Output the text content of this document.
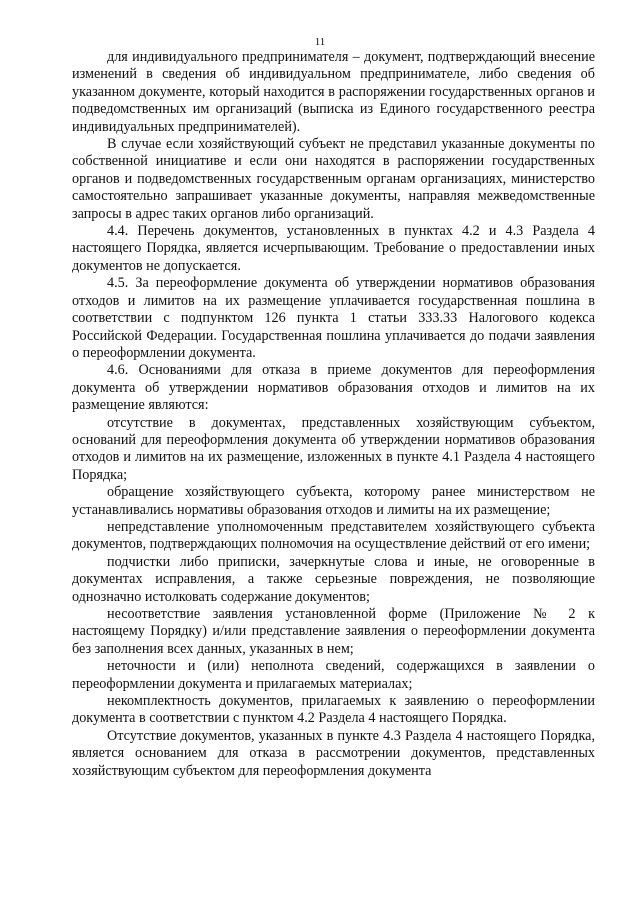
11

для индивидуального предпринимателя – документ, подтверждающий внесение изменений в сведения об индивидуальном предпринимателе, либо сведения об указанном документе, который находится в распоряжении государственных органов и подведомственных им организаций (выписка из Единого государственного реестра индивидуальных предпринимателей).

В случае если хозяйствующий субъект не представил указанные документы по собственной инициативе и если они находятся в распоряжении государственных органов и подведомственных государственным органам организациях, министерство самостоятельно запрашивает указанные документы, направляя межведомственные запросы в адрес таких органов либо организаций.

4.4. Перечень документов, установленных в пунктах 4.2 и 4.3 Раздела 4 настоящего Порядка, является исчерпывающим. Требование о предоставлении иных документов не допускается.

4.5. За переоформление документа об утверждении нормативов образования отходов и лимитов на их размещение уплачивается государственная пошлина в соответствии с подпунктом 126 пункта 1 статьи 333.33 Налогового кодекса Российской Федерации. Государственная пошлина уплачивается до подачи заявления о переоформлении документа.

4.6. Основаниями для отказа в приеме документов для переоформления документа об утверждении нормативов образования отходов и лимитов на их размещение являются:

отсутствие в документах, представленных хозяйствующим субъектом, оснований для переоформления документа об утверждении нормативов образования отходов и лимитов на их размещение, изложенных в пункте 4.1 Раздела 4 настоящего Порядка;

обращение хозяйствующего субъекта, которому ранее министерством не устанавливались нормативы образования отходов и лимиты на их размещение;

непредставление уполномоченным представителем хозяйствующего субъекта документов, подтверждающих полномочия на осуществление действий от его имени;

подчистки либо приписки, зачеркнутые слова и иные, не оговоренные в документах исправления, а также серьезные повреждения, не позволяющие однозначно истолковать содержание документов;

несоответствие заявления установленной форме (Приложение № 2 к настоящему Порядку) и/или представление заявления о переоформлении документа без заполнения всех данных, указанных в нем;

неточности и (или) неполнота сведений, содержащихся в заявлении о переоформлении документа и прилагаемых материалах;

некомплектность документов, прилагаемых к заявлению о переоформлении документа в соответствии с пунктом 4.2 Раздела 4 настоящего Порядка.

Отсутствие документов, указанных в пункте 4.3 Раздела 4 настоящего Порядка, является основанием для отказа в рассмотрении документов, представленных хозяйствующим субъектом для переоформления документа
